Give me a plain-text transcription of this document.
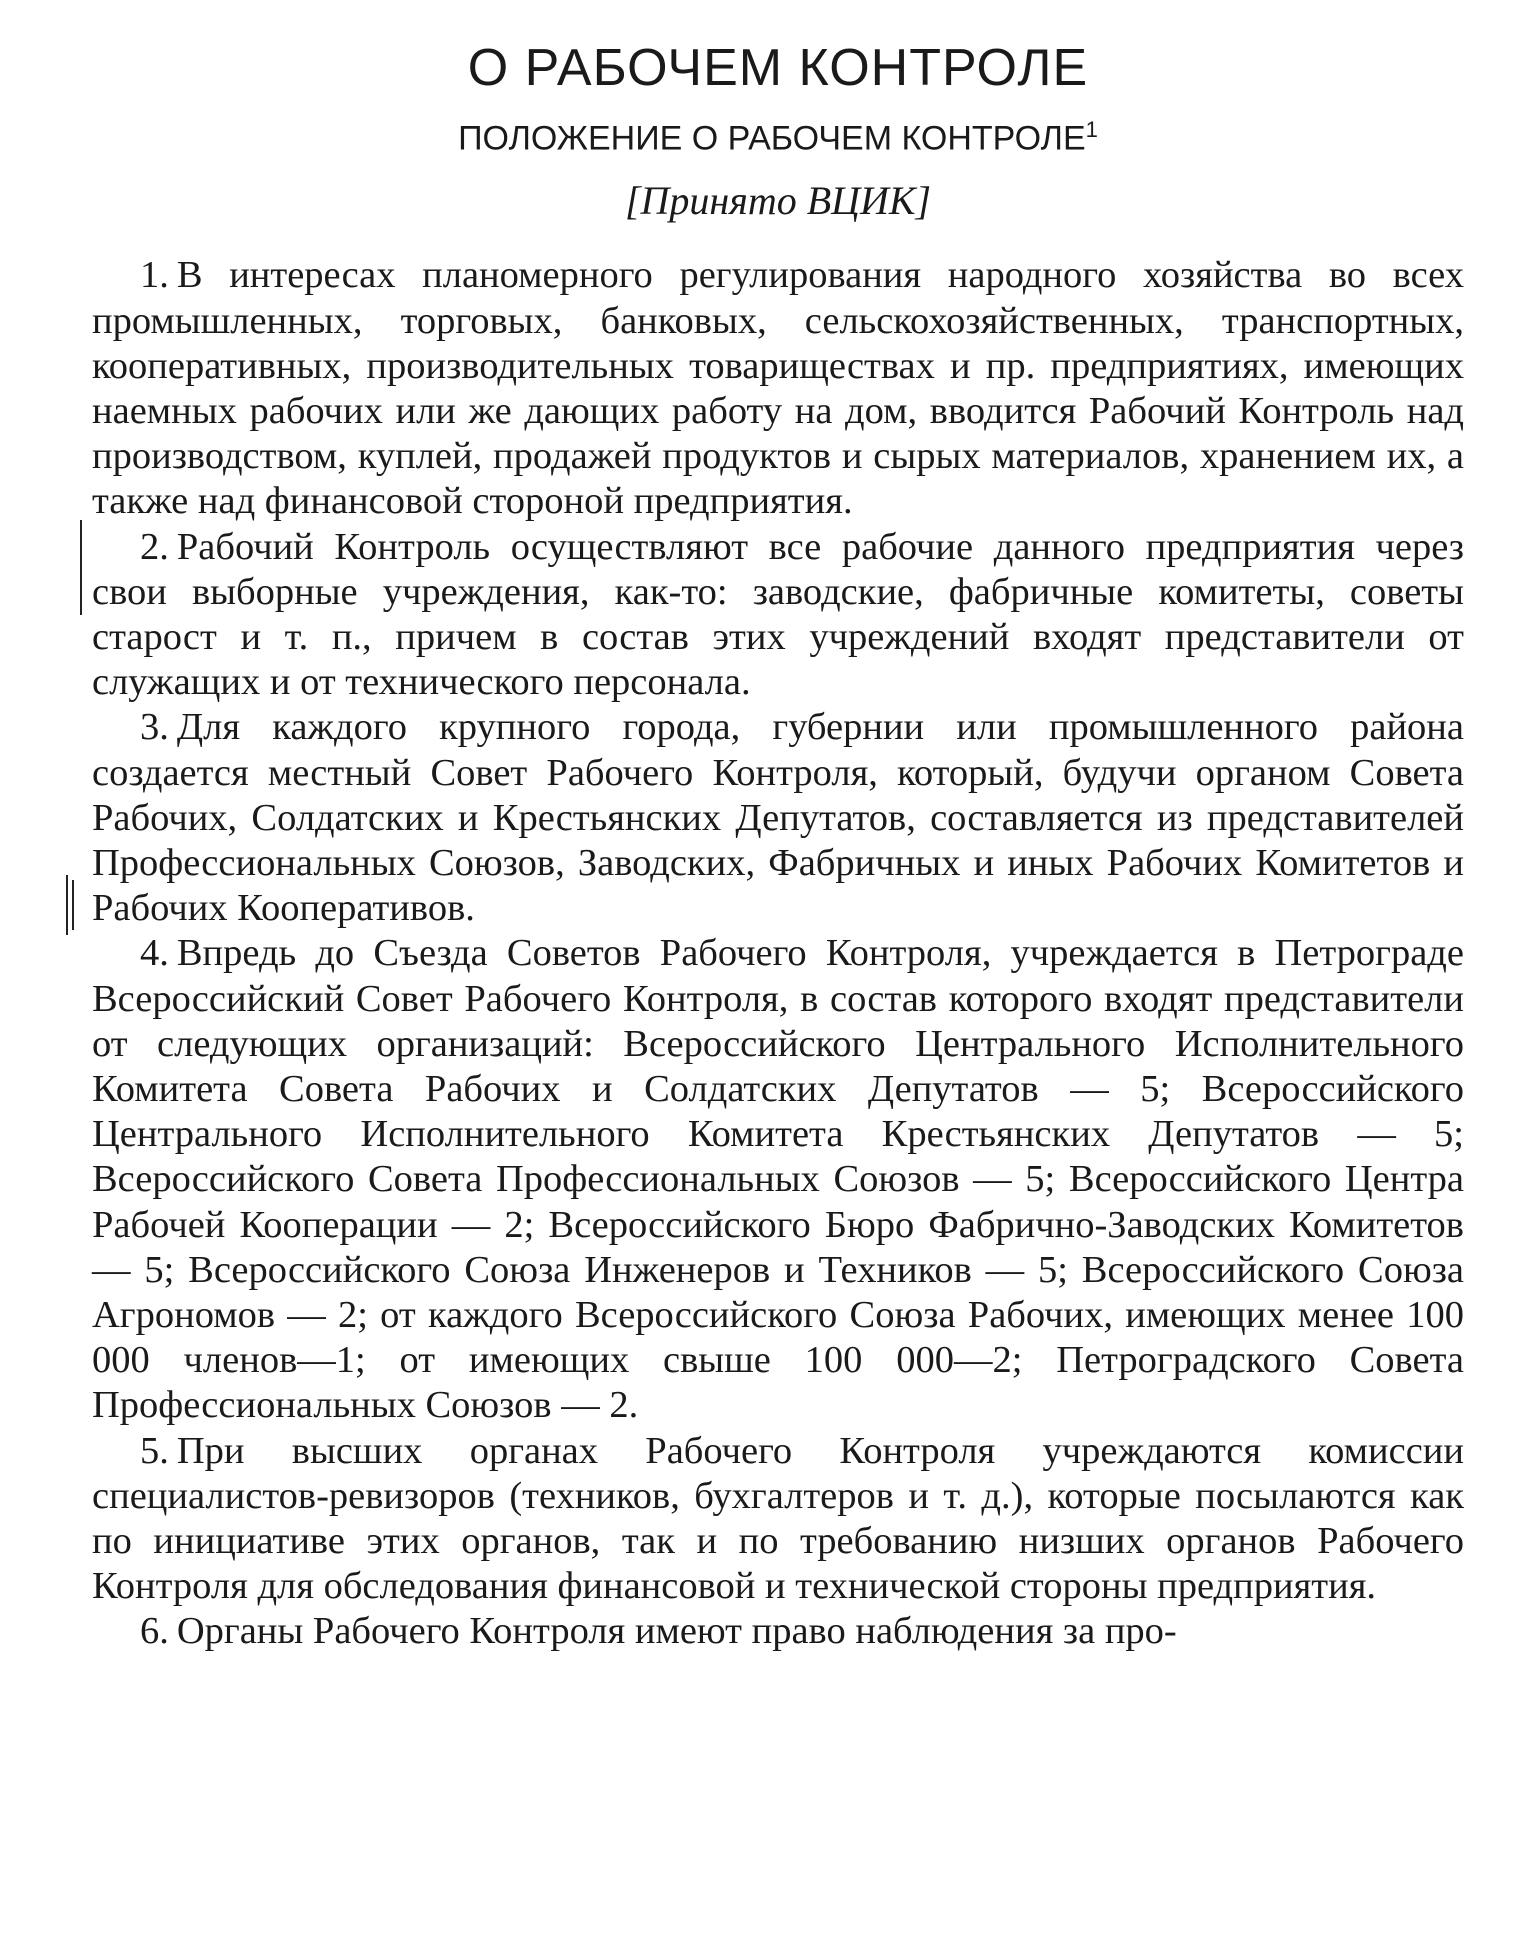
О РАБОЧЕМ КОНТРОЛЕ
ПОЛОЖЕНИЕ О РАБОЧЕМ КОНТРОЛЕ$^1$
[Принято ВЦИК]

1. В интересах планомерного регулирования народного хозяйства во всех промышленных, торговых, банковых, сельскохозяйственных, транспортных, кооперативных, производительных товариществах и пр. предприятиях, имеющих наемных рабочих или же дающих работу на дом, вводится Рабочий Контроль над производством, куплей, продажей продуктов и сырых материалов, хранением их, а также над финансовой стороной предприятия.

2. Рабочий Контроль осуществляют все рабочие данного предприятия через свои выборные учреждения, как-то: заводские, фабричные комитеты, советы старост и т. п., причем в состав этих учреждений входят представители от служащих и от технического персонала.

3. Для каждого крупного города, губернии или промышленного района создается местный Совет Рабочего Контроля, который, будучи органом Совета Рабочих, Солдатских и Крестьянских Депутатов, составляется из представителей Профессиональных Союзов, Заводских, Фабричных и иных Рабочих Комитетов и Рабочих Кооперативов.

4. Впредь до Съезда Советов Рабочего Контроля, учреждается в Петрограде Всероссийский Совет Рабочего Контроля, в состав которого входят представители от следующих организаций: Всероссийского Центрального Исполнительного Комитета Совета Рабочих и Солдатских Депутатов — 5; Всероссийского Центрального Исполнительного Комитета Крестьянских Депутатов — 5; Всероссийского Совета Профессиональных Союзов — 5; Всероссийского Центра Рабочей Кооперации — 2; Всероссийского Бюро Фабрично-Заводских Комитетов — 5; Всероссийского Союза Инженеров и Техников — 5; Всероссийского Союза Агрономов — 2; от каждого Всероссийского Союза Рабочих, имеющих менее 100 000 членов—1; от имеющих свыше 100 000—2; Петроградского Совета Профессиональных Союзов — 2.

5. При высших органах Рабочего Контроля учреждаются комиссии специалистов-ревизоров (техников, бухгалтеров и т. д.), которые посылаются как по инициативе этих органов, так и по требованию низших органов Рабочего Контроля для обследования финансовой и технической стороны предприятия.

6. Органы Рабочего Контроля имеют право наблюдения за про-
